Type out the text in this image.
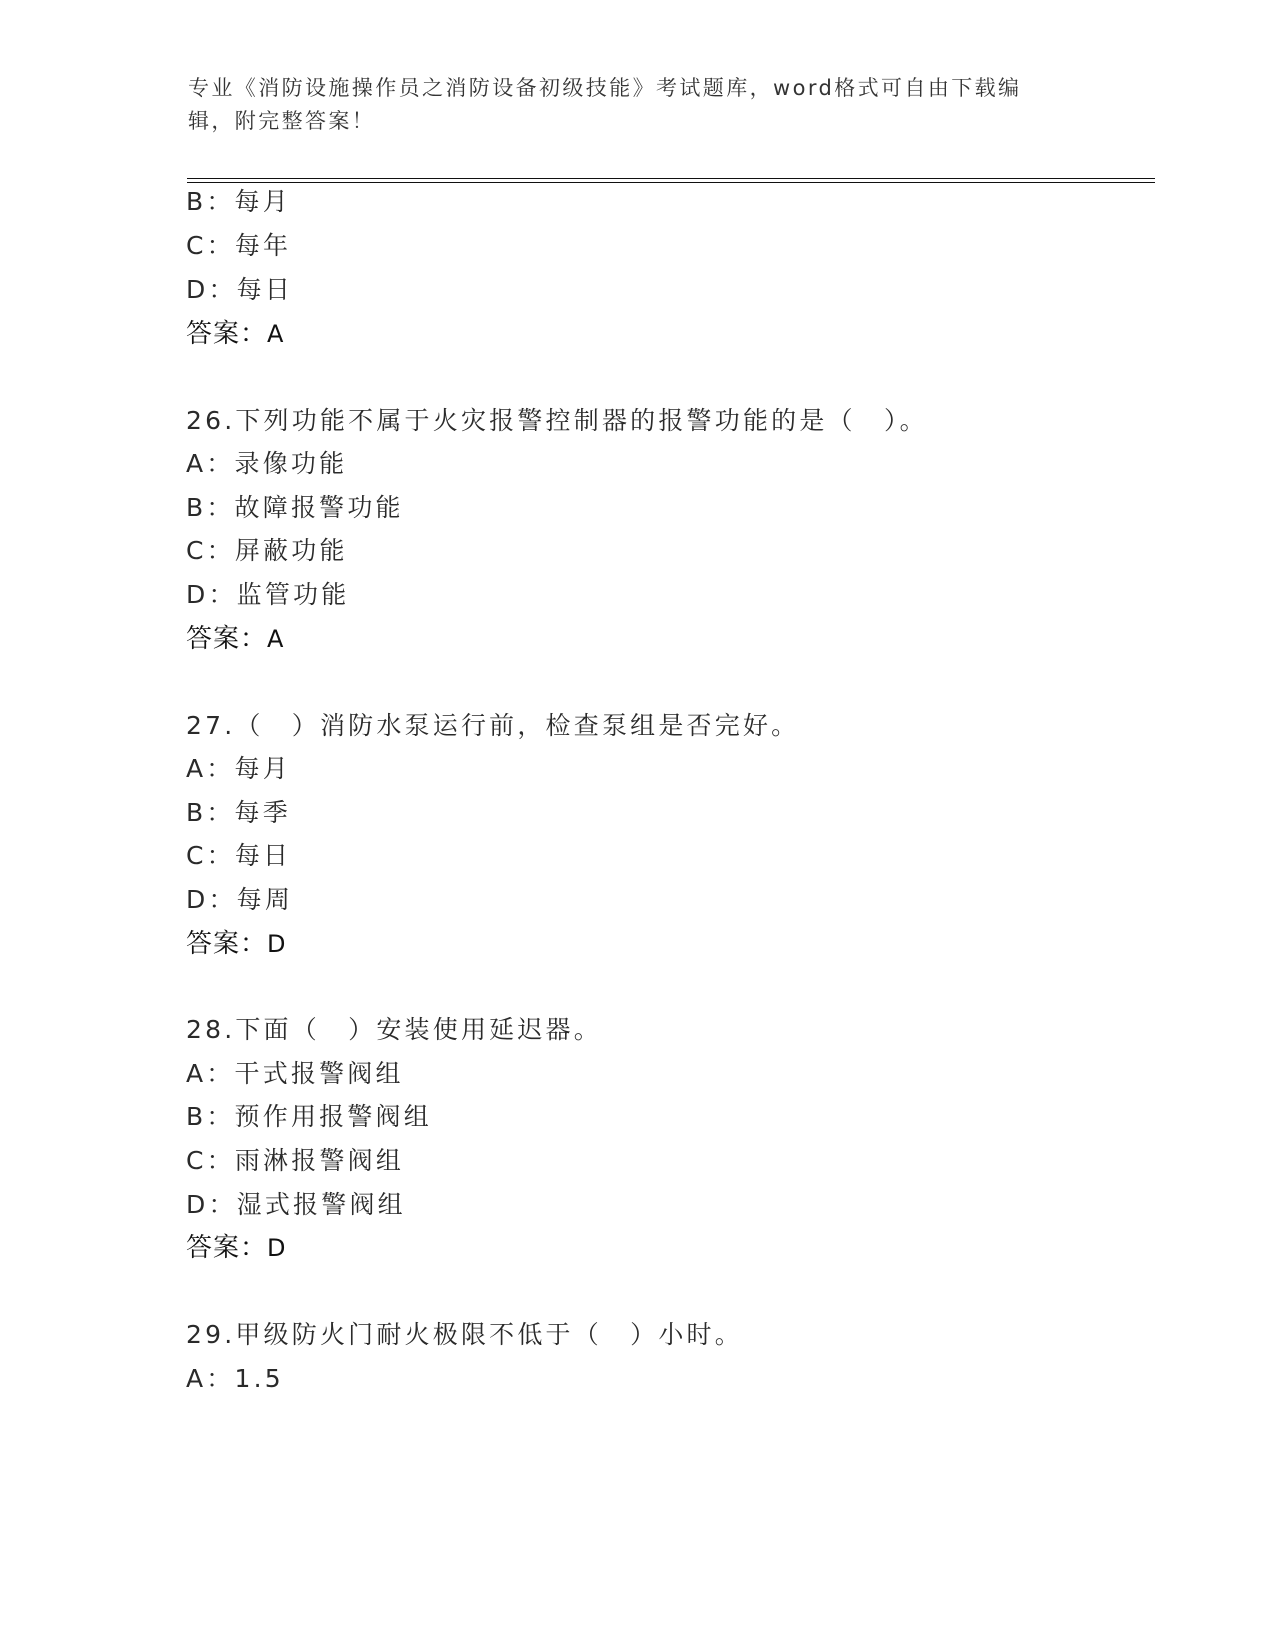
专业《消防设施操作员之消防设备初级技能》考试题库，word格式可自由下载编
辑，附完整答案！
B：每月
C：每年
D：每日
答案：A
26.下列功能不属于火灾报警控制器的报警功能的是（　）。
A：录像功能
B：故障报警功能
C：屏蔽功能
D：监管功能
答案：A
27.（　）消防水泵运行前，检查泵组是否完好。
A：每月
B：每季
C：每日
D：每周
答案：D
28.下面（　）安装使用延迟器。
A：干式报警阀组
B：预作用报警阀组
C：雨淋报警阀组
D：湿式报警阀组
答案：D
29.甲级防火门耐火极限不低于（　）小时。
A：1.5
